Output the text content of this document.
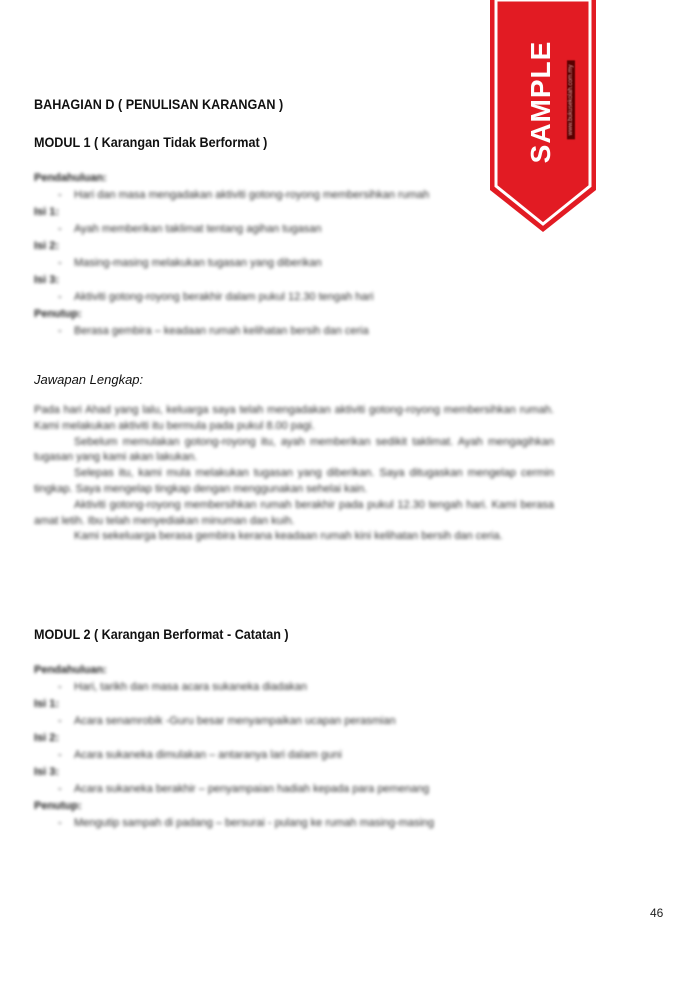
BAHAGIAN D ( PENULISAN KARANGAN )
MODUL 1 ( Karangan Tidak Berformat )
Pendahuluan:
- Hari dan masa mengadakan aktiviti gotong-royong membersihkan rumah
Isi 1:
- Ayah memberikan taklimat tentang agihan tugasan
Isi 2:
- Masing-masing melakukan tugasan yang diberikan
Isi 3:
- Aktiviti gotong-royong berakhir dalam pukul 12.30 tengah hari
Penutup:
- Berasa gembira – keadaan rumah kelihatan bersih dan ceria
Jawapan Lengkap:

Pada hari Ahad yang lalu, keluarga saya telah mengadakan aktiviti gotong-royong membersihkan rumah. Kami melakukan aktiviti itu bermula pada pukul 8.00 pagi.

Sebelum memulakan gotong-royong itu, ayah memberikan sedikit taklimat. Ayah mengagihkan tugasan yang kami akan lakukan.

Selepas itu, kami mula melakukan tugasan yang diberikan. Saya ditugaskan mengelap cermin tingkap. Saya mengelap tingkap dengan menggunakan sehelai kain.

Aktiviti gotong-royong membersihkan rumah berakhir pada pukul 12.30 tengah hari. Kami berasa amat letih. Ibu telah menyediakan minuman dan kuih.

Kami sekeluarga berasa gembira kerana keadaan rumah kini kelihatan bersih dan ceria.

MODUL 2 ( Karangan Berformat - Catatan )
Pendahuluan:
- Hari, tarikh dan masa acara sukaneka diadakan
Isi 1:
- Acara senamrobik -Guru besar menyampaikan ucapan perasmian
Isi 2:
- Acara sukaneka dimulakan – antaranya lari dalam guni
Isi 3:
- Acara sukaneka berakhir – penyampaian hadiah kepada para pemenang
Penutup:
- Mengutip sampah di padang – bersurai - pulang ke rumah masing-masing
46
SAMPLE www.bukusekolah.com.my
